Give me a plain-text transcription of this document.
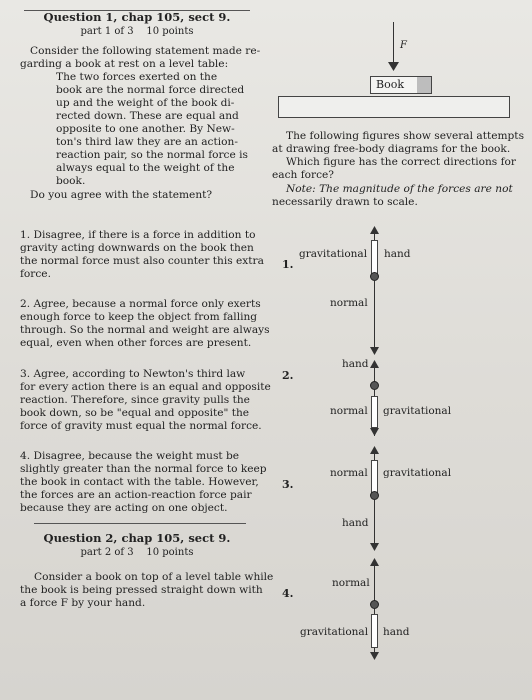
Question 1, chap 105, sect 9.
part 1 of 3    10 points
Consider the following statement made re-
garding a book at rest on a level table:
The two forces exerted on the
book are the normal force directed
up and the weight of the book di-
rected down. These are equal and
opposite to one another. By New-
ton's third law they are an action-
reaction pair, so the normal force is
always equal to the weight of the
book.
Do you agree with the statement?
1. Disagree, if there is a force in addition to
gravity acting downwards on the book then
the normal force must also counter this extra
force.
2. Agree, because a normal force only exerts
enough force to keep the object from falling
through. So the normal and weight are always
equal, even when other forces are present.
3. Agree, according to Newton's third law
for every action there is an equal and opposite
reaction. Therefore, since gravity pulls the
book down, so be "equal and opposite" the
force of gravity must equal the normal force.
4. Disagree, because the weight must be
slightly greater than the normal force to keep
the book in contact with the table. However,
the forces are an action-reaction force pair
because they are acting on one object.
Question 2, chap 105, sect 9.
part 2 of 3    10 points
Consider a book on top of a level table while
the book is being pressed straight down with
a force F by your hand.
F
Book
The following figures show several attempts
at drawing free-body diagrams for the book.
Which figure has the correct directions for
each force?
Note: The magnitude of the forces are not
necessarily drawn to scale.
1.
gravitational hand
normal
2.
hand
normal gravitational
3.
normal gravitational
hand
4.
normal
gravitational hand
